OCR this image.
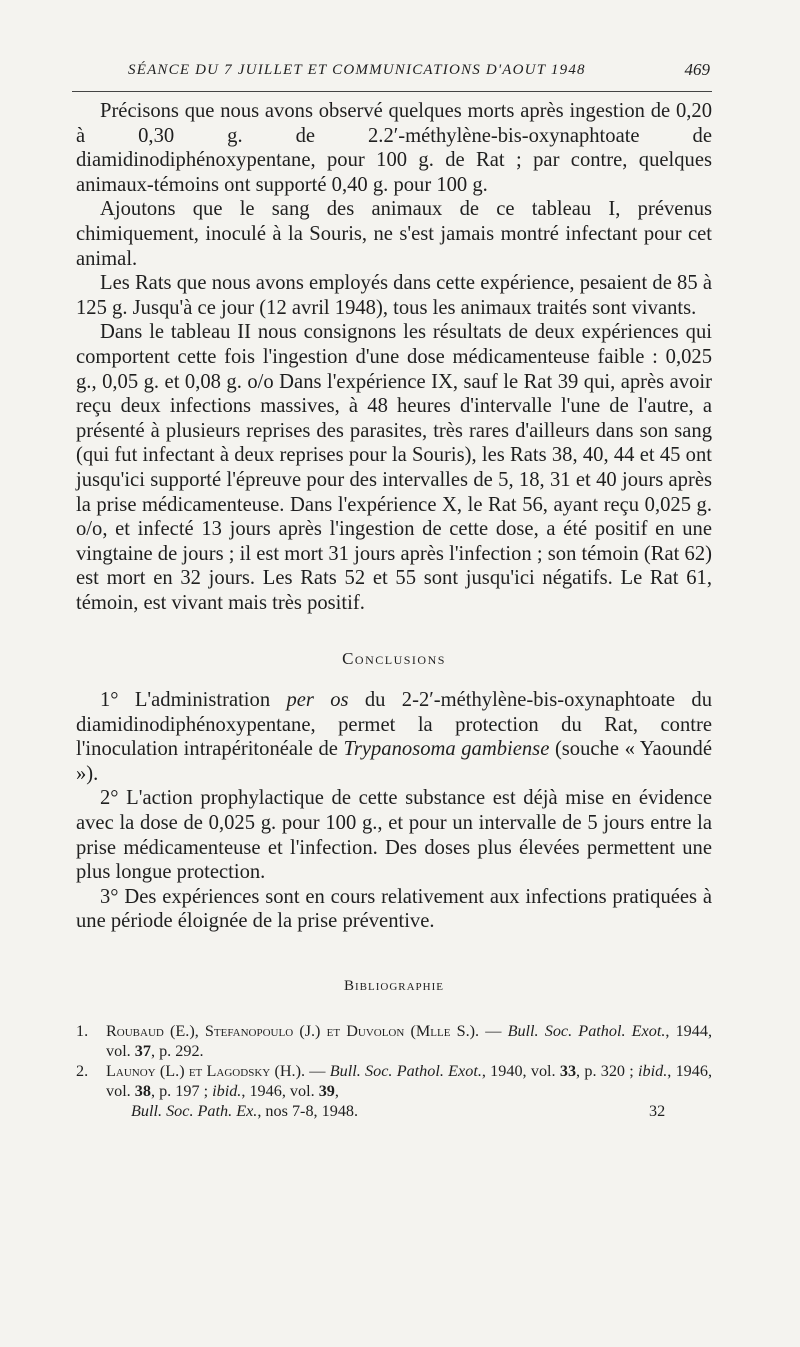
SÉANCE DU 7 JUILLET ET COMMUNICATIONS D'AOUT 1948	469

Précisons que nous avons observé quelques morts après ingestion de 0,20 à 0,30 g. de 2.2′-méthylène-bis-oxynaphtoate de diamidinodiphénoxypentane, pour 100 g. de Rat ; par contre, quelques animaux-témoins ont supporté 0,40 g. pour 100 g.

Ajoutons que le sang des animaux de ce tableau I, prévenus chimiquement, inoculé à la Souris, ne s'est jamais montré infectant pour cet animal.

Les Rats que nous avons employés dans cette expérience, pesaient de 85 à 125 g. Jusqu'à ce jour (12 avril 1948), tous les animaux traités sont vivants.

Dans le tableau II nous consignons les résultats de deux expériences qui comportent cette fois l'ingestion d'une dose médicamenteuse faible : 0,025 g., 0,05 g. et 0,08 g. o/o Dans l'expérience IX, sauf le Rat 39 qui, après avoir reçu deux infections massives, à 48 heures d'intervalle l'une de l'autre, a présenté à plusieurs reprises des parasites, très rares d'ailleurs dans son sang (qui fut infectant à deux reprises pour la Souris), les Rats 38, 40, 44 et 45 ont jusqu'ici supporté l'épreuve pour des intervalles de 5, 18, 31 et 40 jours après la prise médicamenteuse. Dans l'expérience X, le Rat 56, ayant reçu 0,025 g. o/o, et infecté 13 jours après l'ingestion de cette dose, a été positif en une vingtaine de jours ; il est mort 31 jours après l'infection ; son témoin (Rat 62) est mort en 32 jours. Les Rats 52 et 55 sont jusqu'ici négatifs. Le Rat 61, témoin, est vivant mais très positif.

Conclusions

1° L'administration per os du 2-2′-méthylène-bis-oxynaphtoate du diamidinodiphénoxypentane, permet la protection du Rat, contre l'inoculation intrapéritonéale de Trypanosoma gambiense (souche « Yaoundé »).

2° L'action prophylactique de cette substance est déjà mise en évidence avec la dose de 0,025 g. pour 100 g., et pour un intervalle de 5 jours entre la prise médicamenteuse et l'infection. Des doses plus élevées permettent une plus longue protection.

3° Des expériences sont en cours relativement aux infections pratiquées à une période éloignée de la prise préventive.

Bibliographie
1. Roubaud (E.), Stefanopoulo (J.) et Duvolon (Mlle S.). — Bull. Soc. Pathol. Exot., 1944, vol. 37, p. 292.
2. Launoy (L.) et Lagodsky (H.). — Bull. Soc. Pathol. Exot., 1940, vol. 33, p. 320 ; ibid., 1946, vol. 38, p. 197 ; ibid., 1946, vol. 39,
Bull. Soc. Path. Ex., nos 7-8, 1948.	32
